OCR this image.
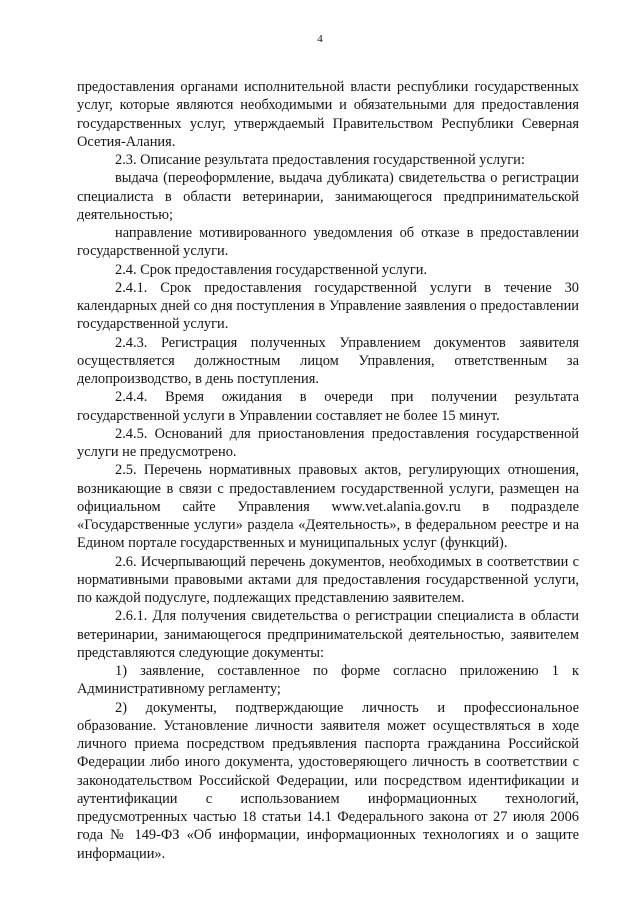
4

предоставления органами исполнительной власти республики государственных услуг, которые являются необходимыми и обязательными для предоставления государственных услуг, утверждаемый Правительством Республики Северная Осетия-Алания.

2.3. Описание результата предоставления государственной услуги:

выдача (переоформление, выдача дубликата) свидетельства о регистрации специалиста в области ветеринарии, занимающегося предпринимательской деятельностью;

направление мотивированного уведомления об отказе в предоставлении государственной услуги.

2.4. Срок предоставления государственной услуги.

2.4.1. Срок предоставления государственной услуги в течение 30 календарных дней со дня поступления в Управление заявления о предоставлении государственной услуги.

2.4.3. Регистрация полученных Управлением документов заявителя осуществляется должностным лицом Управления, ответственным за делопроизводство, в день поступления.

2.4.4. Время ожидания в очереди при получении результата государственной услуги в Управлении составляет не более 15 минут.

2.4.5. Оснований для приостановления предоставления государственной услуги не предусмотрено.

2.5. Перечень нормативных правовых актов, регулирующих отношения, возникающие в связи с предоставлением государственной услуги, размещен на официальном сайте Управления www.vet.alania.gov.ru в подразделе «Государственные услуги» раздела «Деятельность», в федеральном реестре и на Едином портале государственных и муниципальных услуг (функций).

2.6. Исчерпывающий перечень документов, необходимых в соответствии с нормативными правовыми актами для предоставления государственной услуги, по каждой подуслуге, подлежащих представлению заявителем.

2.6.1. Для получения свидетельства о регистрации специалиста в области ветеринарии, занимающегося предпринимательской деятельностью, заявителем представляются следующие документы:

1) заявление, составленное по форме согласно приложению 1 к Административному регламенту;

2) документы, подтверждающие личность и профессиональное образование. Установление личности заявителя может осуществляться в ходе личного приема посредством предъявления паспорта гражданина Российской Федерации либо иного документа, удостоверяющего личность в соответствии с законодательством Российской Федерации, или посредством идентификации и аутентификации с использованием информационных технологий, предусмотренных частью 18 статьи 14.1 Федерального закона от 27 июля 2006 года № 149-ФЗ «Об информации, информационных технологиях и о защите информации».
